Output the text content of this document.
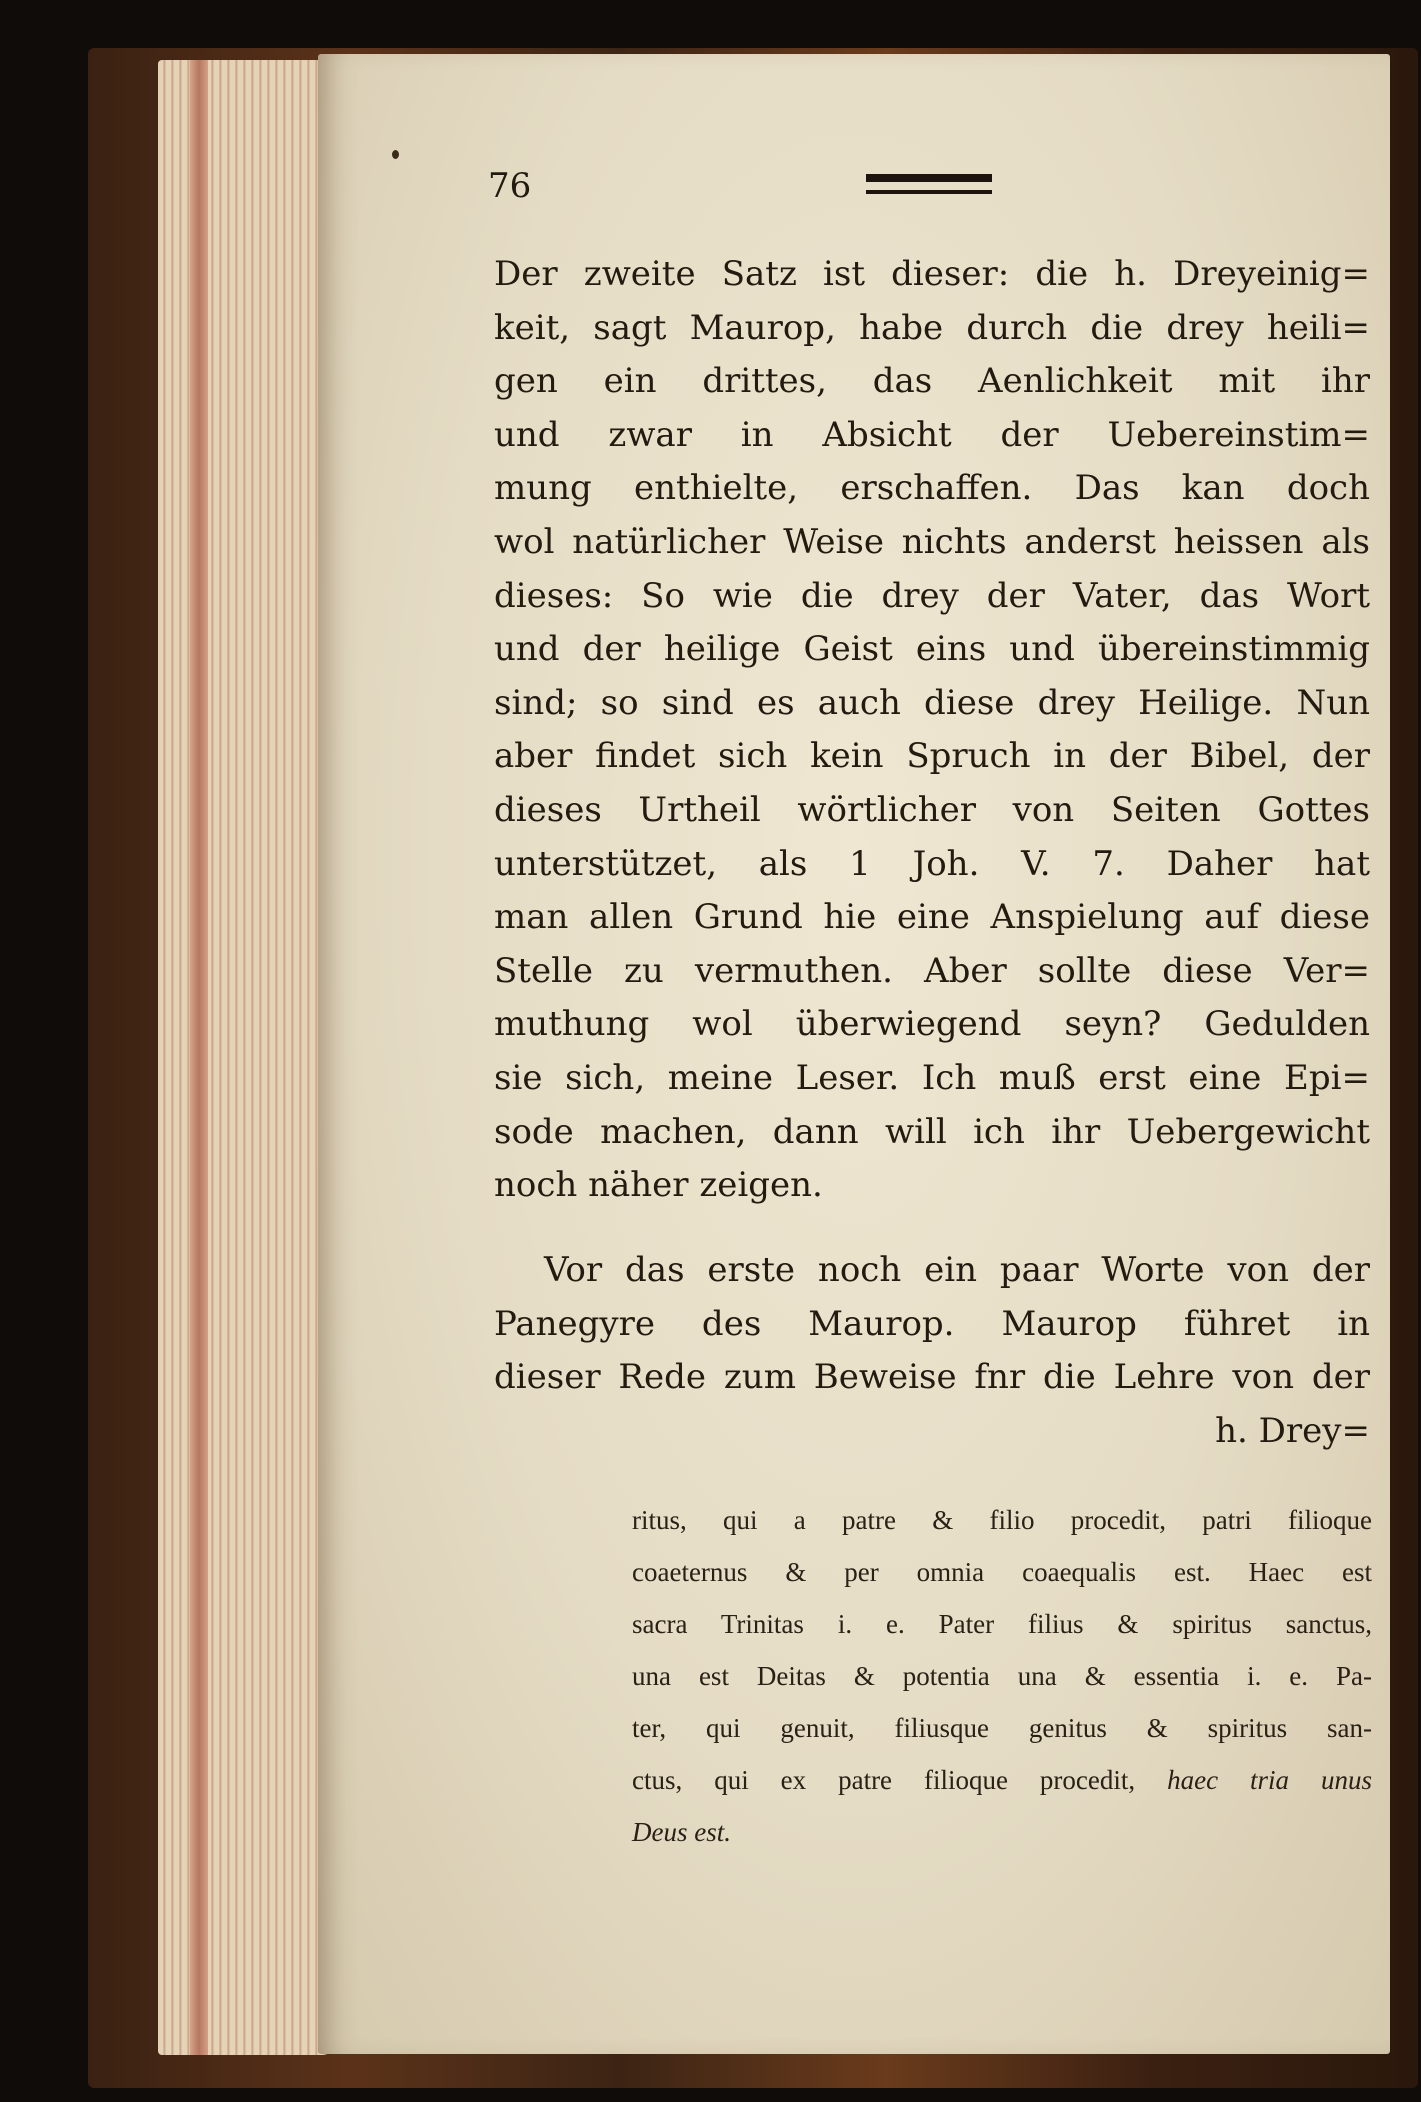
76
Der zweite Satz ist dieser: die h. Dreyeinig=
keit, sagt Maurop, habe durch die drey heili=
gen ein drittes, das Aenlichkeit mit ihr
und zwar in Absicht der Uebereinstim=
mung enthielte, erschaffen. Das kan doch
wol natürlicher Weise nichts anderst heissen als
dieses: So wie die drey der Vater, das Wort
und der heilige Geist eins und übereinstimmig
sind; so sind es auch diese drey Heilige. Nun
aber findet sich kein Spruch in der Bibel, der
dieses Urtheil wörtlicher von Seiten Gottes
unterstützet, als 1 Joh. V. 7. Daher hat
man allen Grund hie eine Anspielung auf diese
Stelle zu vermuthen. Aber sollte diese Ver=
muthung wol überwiegend seyn? Gedulden
sie sich, meine Leser. Ich muß erst eine Epi=
sode machen, dann will ich ihr Uebergewicht
noch näher zeigen.
Vor das erste noch ein paar Worte von der
Panegyre des Maurop. Maurop führet in
dieser Rede zum Beweise fnr die Lehre von der
h. Drey=
ritus, qui a patre & filio procedit, patri filioque
coaeternus & per omnia coaequalis est. Haec est
sacra Trinitas i. e. Pater filius & spiritus sanctus,
una est Deitas & potentia una & essentia i. e. Pa-
ter, qui genuit, filiusque genitus & spiritus san-
ctus, qui ex patre filioque procedit, haec tria unus
Deus est.
